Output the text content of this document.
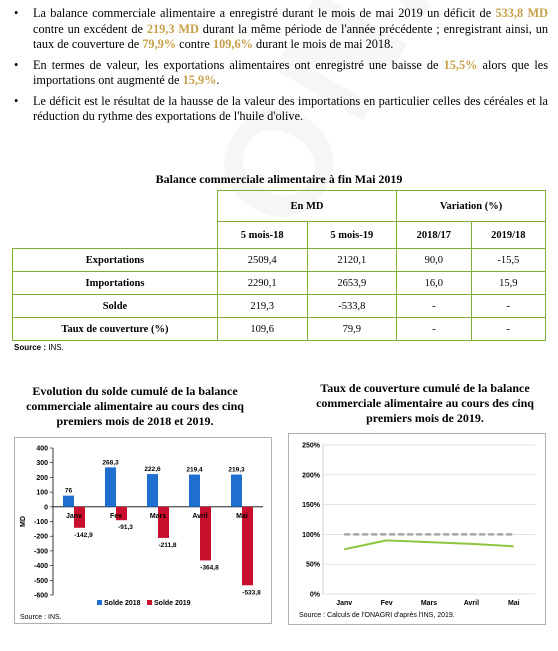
•	La balance commerciale alimentaire a enregistré durant le mois de mai 2019 un déficit de 533,8 MD contre un excédent de 219,3 MD durant la même période de l'année précédente ; enregistrant ainsi, un taux de couverture de 79,9% contre 109,6% durant le mois de mai 2018.
•	En termes de valeur, les exportations alimentaires ont enregistré une baisse de 15,5% alors que les importations ont augmenté de 15,9%.
•	Le déficit est le résultat de la hausse de la valeur des importations en particulier celles des céréales et la réduction du rythme des exportations de l'huile d'olive.
Balance commerciale alimentaire à fin Mai 2019
	En MD		Variation (%)	
	5 mois-18	5 mois-19	2018/17	2019/18
Exportations	2509,4	2120,1	90,0	-15,5
Importations	2290,1	2653,9	16,0	15,9
Solde	219,3	-533,8	-	-
Taux de couverture (%)	109,6	79,9	-	-
Source : INS.
Evolution du solde cumulé de la balance commerciale alimentaire au cours des cinq premiers mois de 2018 et 2019.
400
300
200
100
0
-100
-200
-300
-400
-500
-600
MD
76
-142,9
Janv
268,3
-91,3
Fev
222,6
-211,8
Mars
219,4
-364,8
Avril
219,3
-533,8
Mai
Solde 2018 Solde 2019
Source : INS.
Taux de couverture cumulé de la balance commerciale alimentaire au cours des cinq premiers mois de 2019.
250%
200%
150%
100%
50%
0%
Janv	Fev	Mars	Avril	Mai
Source : Calculs de l'ONAGRI d'après l'INS, 2019.
